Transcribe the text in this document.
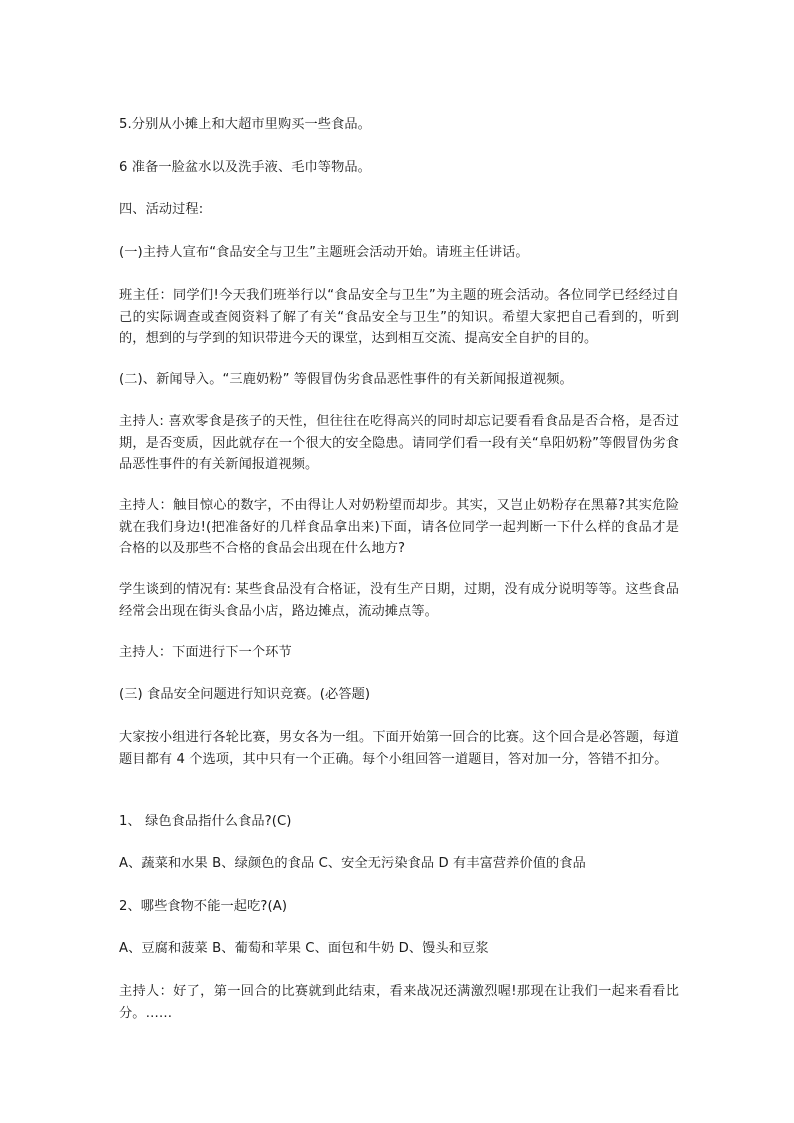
5.分别从小摊上和大超市里购买一些食品。

6 准备一脸盆水以及洗手液、毛巾等物品。

四、活动过程:

(一)主持人宣布“食品安全与卫生”主题班会活动开始。请班主任讲话。

班主任：同学们!今天我们班举行以“食品安全与卫生”为主题的班会活动。各位同学已经经过自己的实际调查或查阅资料了解了有关“食品安全与卫生”的知识。希望大家把自己看到的，听到的，想到的与学到的知识带进今天的课堂，达到相互交流、提高安全自护的目的。

(二)、新闻导入。“三鹿奶粉” 等假冒伪劣食品恶性事件的有关新闻报道视频。

主持人: 喜欢零食是孩子的天性，但往往在吃得高兴的同时却忘记要看看食品是否合格，是否过期，是否变质，因此就存在一个很大的安全隐患。请同学们看一段有关“阜阳奶粉”等假冒伪劣食品恶性事件的有关新闻报道视频。

主持人：触目惊心的数字，不由得让人对奶粉望而却步。其实，又岂止奶粉存在黑幕?其实危险就在我们身边!(把准备好的几样食品拿出来)下面，请各位同学一起判断一下什么样的食品才是合格的以及那些不合格的食品会出现在什么地方?

学生谈到的情况有: 某些食品没有合格证，没有生产日期，过期，没有成分说明等等。这些食品经常会出现在街头食品小店，路边摊点，流动摊点等。

主持人：下面进行下一个环节

(三) 食品安全问题进行知识竞赛。(必答题)

大家按小组进行各轮比赛，男女各为一组。下面开始第一回合的比赛。这个回合是必答题，每道题目都有 4 个选项，其中只有一个正确。每个小组回答一道题目，答对加一分，答错不扣分。

1、 绿色食品指什么食品?(C)

A、蔬菜和水果 B、绿颜色的食品 C、安全无污染食品 D 有丰富营养价值的食品

2、哪些食物不能一起吃?(A)

A、豆腐和菠菜 B、葡萄和苹果 C、面包和牛奶 D、馒头和豆浆

主持人：好了，第一回合的比赛就到此结束，看来战况还满激烈喔!那现在让我们一起来看看比分。……
